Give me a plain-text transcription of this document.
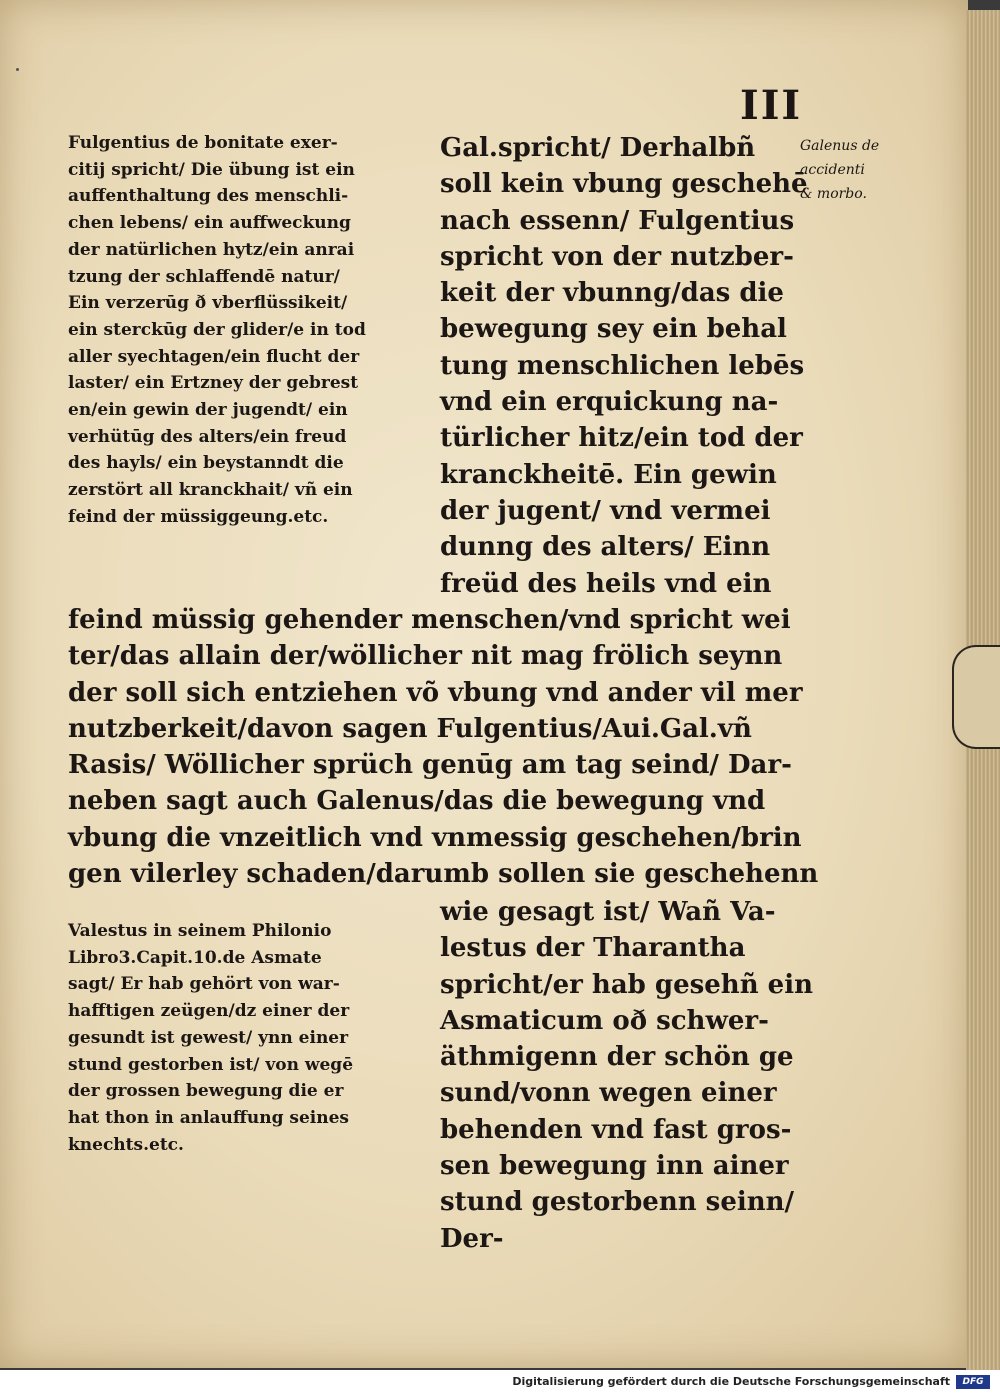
III
Galenus de
accidenti
& morbo.
Fulgentius de bonitate exer-
citij spricht/ Die übung ist ein
auffenthaltung des menschli-
chen lebens/ ein auffweckung
der natürlichen hytz/ein anrai
tzung der schlaffendē natur/
Ein verzerūg ð vberflüssikeit/
ein sterckūg der glider/e in tod
aller syechtagen/ein flucht der
laster/ ein Ertzney der gebrest
en/ein gewin der jugendt/ ein
verhütūg des alters/ein freud
des hayls/ ein beystanndt die
zerstört all kranckhait/ vñ ein
feind der müssiggeung.etc.
Gal.spricht/ Derhalbñ
soll kein vbung geschehē
nach essenn/ Fulgentius
spricht von der nutzber-
keit der vbunng/das die
bewegung sey ein behal
tung menschlichen lebēs
vnd ein erquickung na-
türlicher hitz/ein tod der
kranckheitē. Ein gewin
der jugent/ vnd vermei
dunng des alters/ Einn
freüd des heils vnd ein
feind müssig gehender menschen/vnd spricht wei
ter/das allain der/wöllicher nit mag frölich seynn
der soll sich entziehen võ vbung vnd ander vil mer
nutzberkeit/davon sagen Fulgentius/Aui.Gal.vñ
Rasis/ Wöllicher sprüch genūg am tag seind/ Dar-
neben sagt auch Galenus/das die bewegung vnd
vbung die vnzeitlich vnd vnmessig geschehen/brin
gen vilerley schaden/darumb sollen sie geschehenn
Valestus in seinem Philonio
Libro3.Capit.10.de Asmate
sagt/ Er hab gehört von war-
hafftigen zeügen/dz einer der
gesundt ist gewest/ ynn einer
stund gestorben ist/ von wegē
der grossen bewegung die er
hat thon in anlauffung seines
knechts.etc.
wie gesagt ist/ Wañ Va-
lestus der Tharantha
spricht/er hab gesehñ ein
Asmaticum oð schwer-
äthmigenn der schön ge
sund/vonn wegen einer
behenden vnd fast gros-
sen bewegung inn ainer
stund gestorbenn seinn/
Der-
Digitalisierung gefördert durch die Deutsche Forschungsgemeinschaft	DFG
